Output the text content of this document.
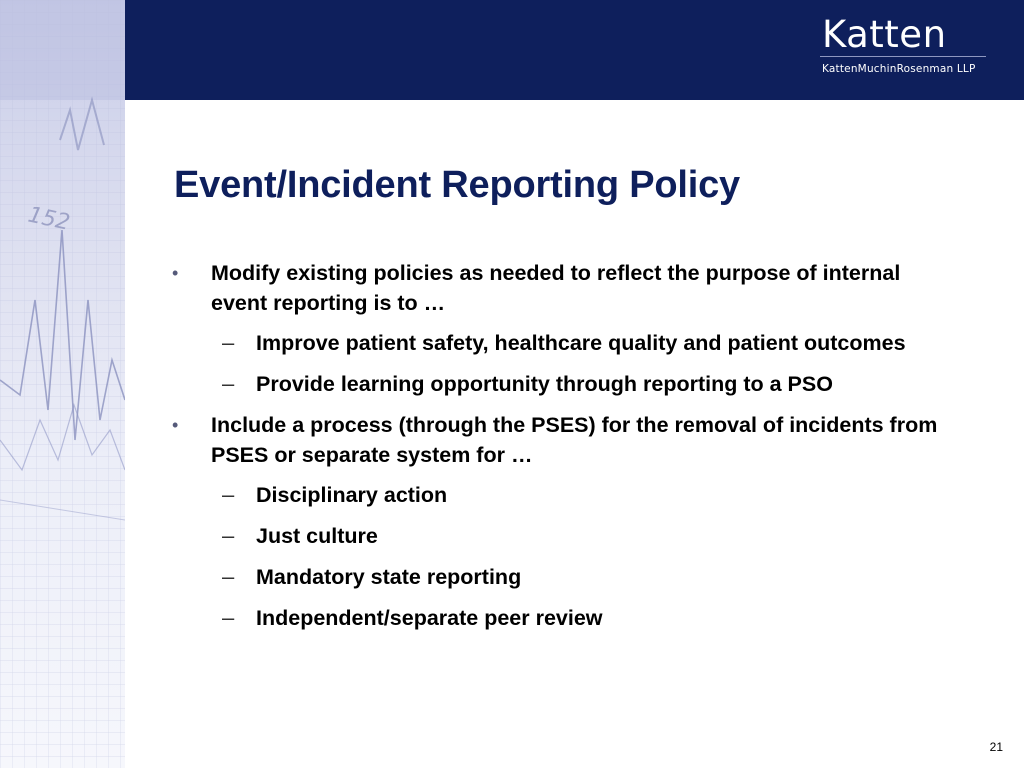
152
Katten
KattenMuchinRosenman LLP
Event/Incident Reporting Policy
• Modify existing policies as needed to reflect the purpose of internal event reporting is to …
– Improve patient safety, healthcare quality and patient outcomes
– Provide learning opportunity through reporting to a PSO
• Include a process (through the PSES) for the removal of incidents from PSES or separate system for …
– Disciplinary action
– Just culture
– Mandatory state reporting
– Independent/separate peer review
21
